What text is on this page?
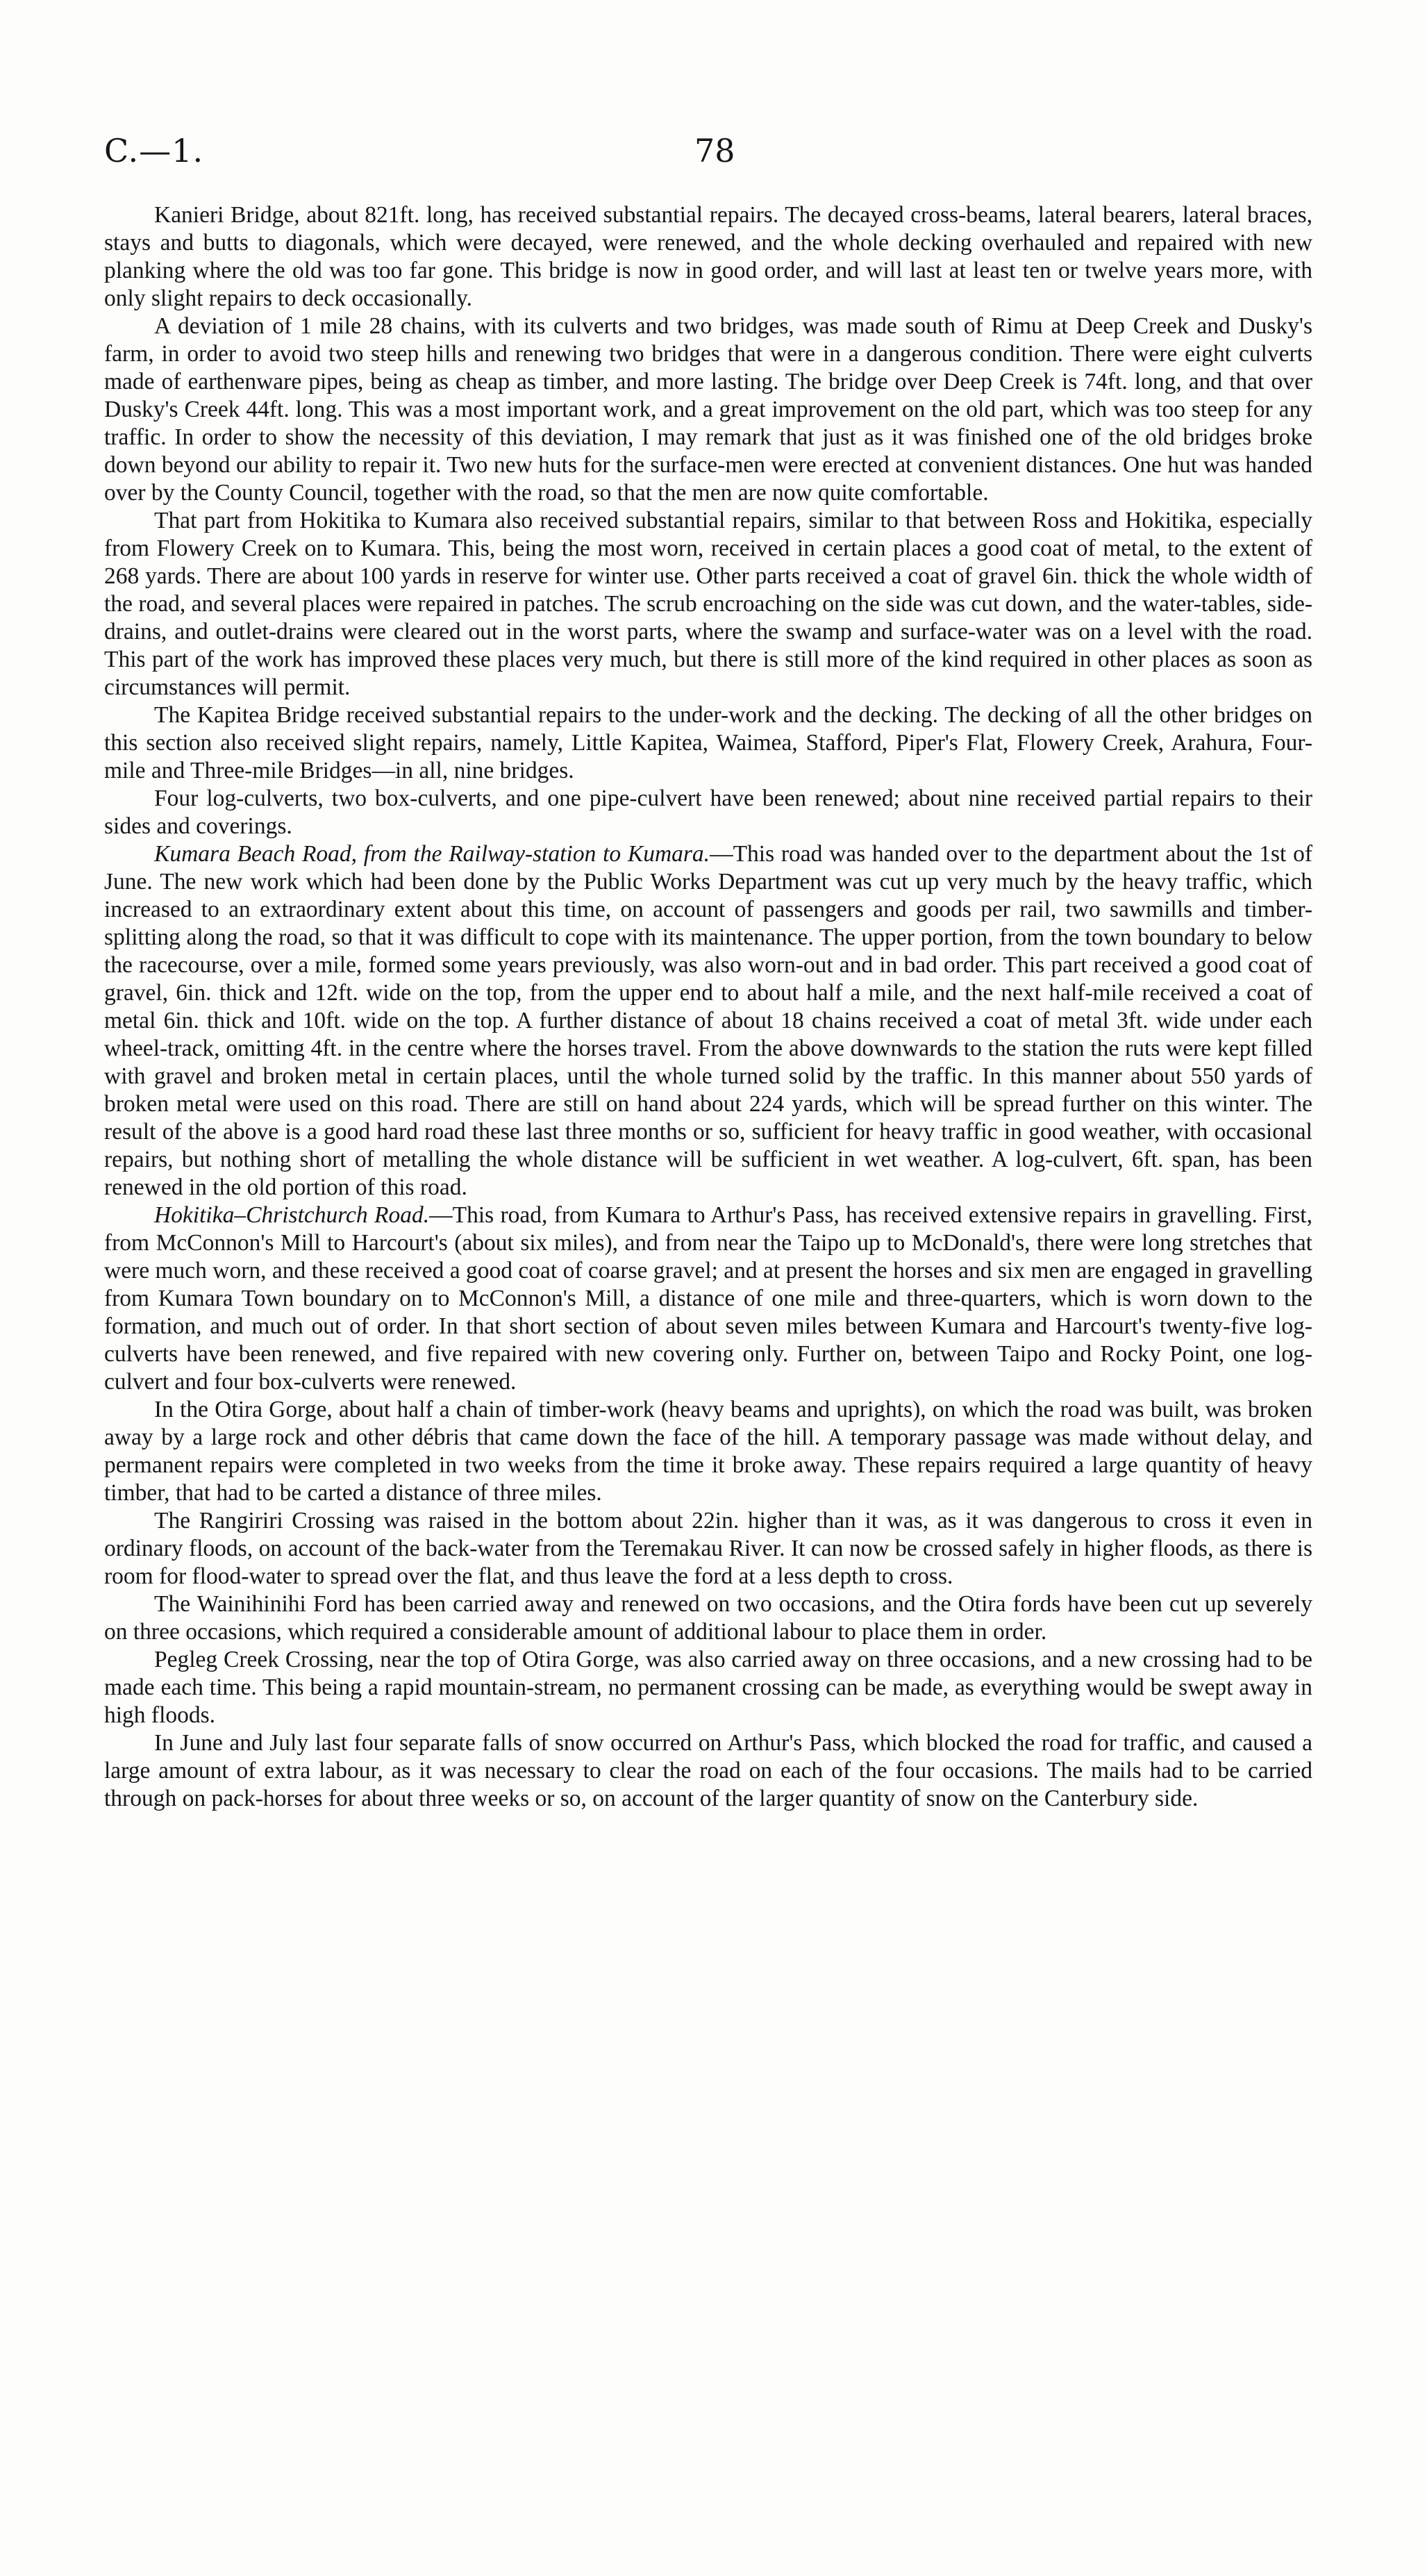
C.—1.	78

Kanieri Bridge, about 821ft. long, has received substantial repairs. The decayed cross-beams, lateral bearers, lateral braces, stays and butts to diagonals, which were decayed, were renewed, and the whole decking overhauled and repaired with new planking where the old was too far gone. This bridge is now in good order, and will last at least ten or twelve years more, with only slight repairs to deck occasionally.

A deviation of 1 mile 28 chains, with its culverts and two bridges, was made south of Rimu at Deep Creek and Dusky's farm, in order to avoid two steep hills and renewing two bridges that were in a dangerous condition. There were eight culverts made of earthenware pipes, being as cheap as timber, and more lasting. The bridge over Deep Creek is 74ft. long, and that over Dusky's Creek 44ft. long. This was a most important work, and a great improvement on the old part, which was too steep for any traffic. In order to show the necessity of this deviation, I may remark that just as it was finished one of the old bridges broke down beyond our ability to repair it. Two new huts for the surface-men were erected at convenient distances. One hut was handed over by the County Council, together with the road, so that the men are now quite comfortable.

That part from Hokitika to Kumara also received substantial repairs, similar to that between Ross and Hokitika, especially from Flowery Creek on to Kumara. This, being the most worn, received in certain places a good coat of metal, to the extent of 268 yards. There are about 100 yards in reserve for winter use. Other parts received a coat of gravel 6in. thick the whole width of the road, and several places were repaired in patches. The scrub encroaching on the side was cut down, and the water-tables, side-drains, and outlet-drains were cleared out in the worst parts, where the swamp and surface-water was on a level with the road. This part of the work has improved these places very much, but there is still more of the kind required in other places as soon as circumstances will permit.

The Kapitea Bridge received substantial repairs to the under-work and the decking. The decking of all the other bridges on this section also received slight repairs, namely, Little Kapitea, Waimea, Stafford, Piper's Flat, Flowery Creek, Arahura, Four-mile and Three-mile Bridges—in all, nine bridges.

Four log-culverts, two box-culverts, and one pipe-culvert have been renewed; about nine received partial repairs to their sides and coverings.

Kumara Beach Road, from the Railway-station to Kumara.—This road was handed over to the department about the 1st of June. The new work which had been done by the Public Works Department was cut up very much by the heavy traffic, which increased to an extraordinary extent about this time, on account of passengers and goods per rail, two sawmills and timber-splitting along the road, so that it was difficult to cope with its maintenance. The upper portion, from the town boundary to below the racecourse, over a mile, formed some years previously, was also worn-out and in bad order. This part received a good coat of gravel, 6in. thick and 12ft. wide on the top, from the upper end to about half a mile, and the next half-mile received a coat of metal 6in. thick and 10ft. wide on the top. A further distance of about 18 chains received a coat of metal 3ft. wide under each wheel-track, omitting 4ft. in the centre where the horses travel. From the above downwards to the station the ruts were kept filled with gravel and broken metal in certain places, until the whole turned solid by the traffic. In this manner about 550 yards of broken metal were used on this road. There are still on hand about 224 yards, which will be spread further on this winter. The result of the above is a good hard road these last three months or so, sufficient for heavy traffic in good weather, with occasional repairs, but nothing short of metalling the whole distance will be sufficient in wet weather. A log-culvert, 6ft. span, has been renewed in the old portion of this road.

Hokitika–Christchurch Road.—This road, from Kumara to Arthur's Pass, has received extensive repairs in gravelling. First, from McConnon's Mill to Harcourt's (about six miles), and from near the Taipo up to McDonald's, there were long stretches that were much worn, and these received a good coat of coarse gravel; and at present the horses and six men are engaged in gravelling from Kumara Town boundary on to McConnon's Mill, a distance of one mile and three-quarters, which is worn down to the formation, and much out of order. In that short section of about seven miles between Kumara and Harcourt's twenty-five log-culverts have been renewed, and five repaired with new covering only. Further on, between Taipo and Rocky Point, one log-culvert and four box-culverts were renewed.

In the Otira Gorge, about half a chain of timber-work (heavy beams and uprights), on which the road was built, was broken away by a large rock and other débris that came down the face of the hill. A temporary passage was made without delay, and permanent repairs were completed in two weeks from the time it broke away. These repairs required a large quantity of heavy timber, that had to be carted a distance of three miles.

The Rangiriri Crossing was raised in the bottom about 22in. higher than it was, as it was dangerous to cross it even in ordinary floods, on account of the back-water from the Teremakau River. It can now be crossed safely in higher floods, as there is room for flood-water to spread over the flat, and thus leave the ford at a less depth to cross.

The Wainihinihi Ford has been carried away and renewed on two occasions, and the Otira fords have been cut up severely on three occasions, which required a considerable amount of additional labour to place them in order.

Pegleg Creek Crossing, near the top of Otira Gorge, was also carried away on three occasions, and a new crossing had to be made each time. This being a rapid mountain-stream, no permanent crossing can be made, as everything would be swept away in high floods.

In June and July last four separate falls of snow occurred on Arthur's Pass, which blocked the road for traffic, and caused a large amount of extra labour, as it was necessary to clear the road on each of the four occasions. The mails had to be carried through on pack-horses for about three weeks or so, on account of the larger quantity of snow on the Canterbury side.
